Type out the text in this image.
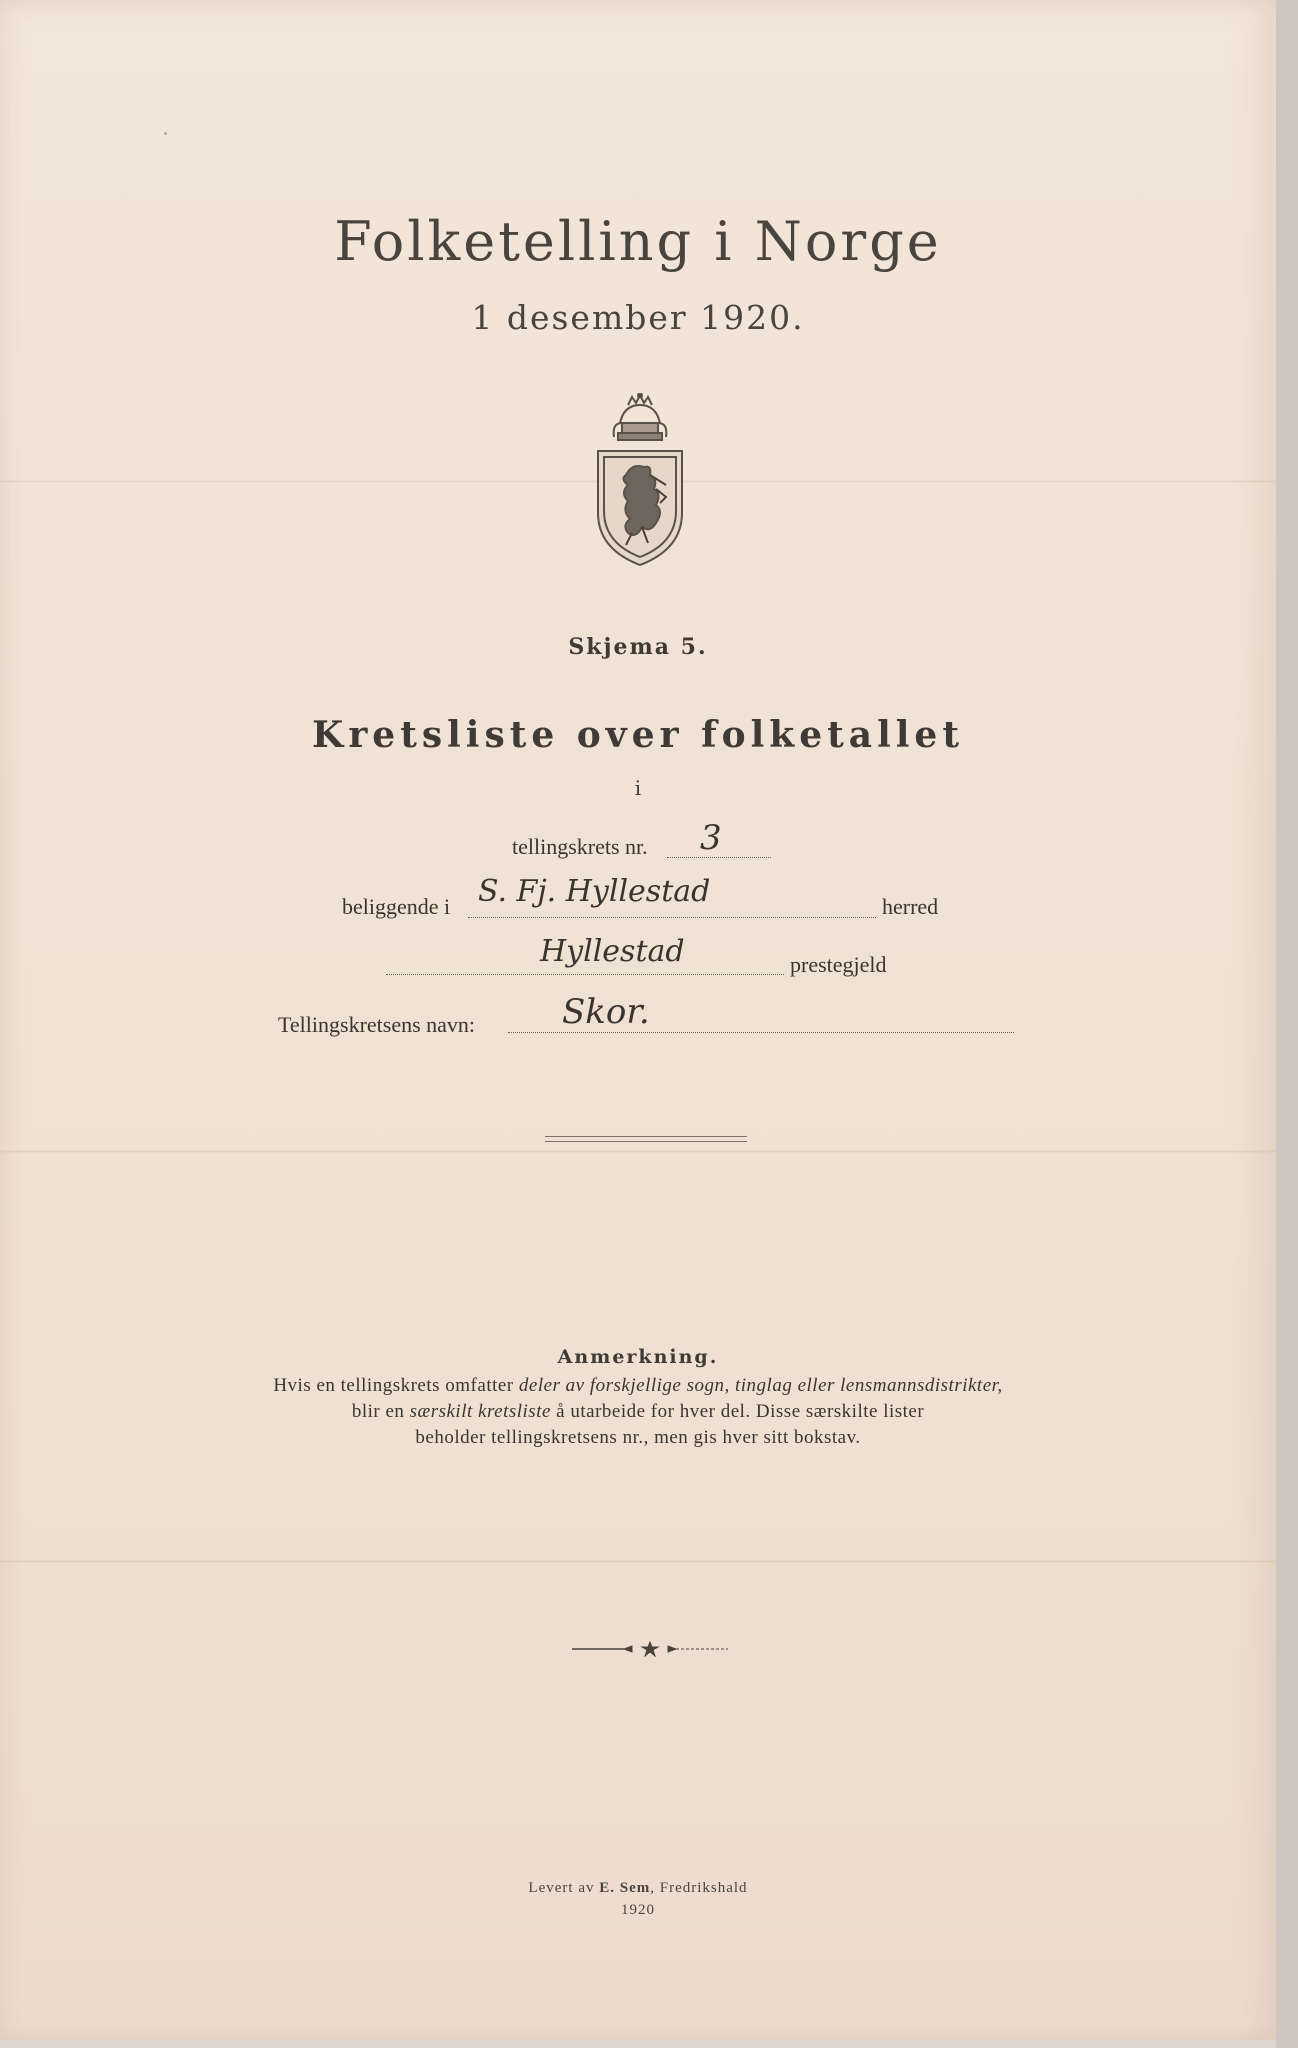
Folketelling i Norge
1 desember 1920.
Skjema 5.
Kretsliste over folketallet
i
tellingskrets nr. 3
beliggende i S. Fj. Hyllestad	herred
Hyllestad	prestegjeld
Tellingskretsens navn:	Skor.
Anmerkning.
Hvis en tellingskrets omfatter deler av forskjellige sogn, tinglag eller lensmannsdistrikter,
blir en særskilt kretsliste å utarbeide for hver del. Disse særskilte lister
beholder tellingskretsens nr., men gis hver sitt bokstav.
Levert av E. Sem, Fredrikshald
1920
